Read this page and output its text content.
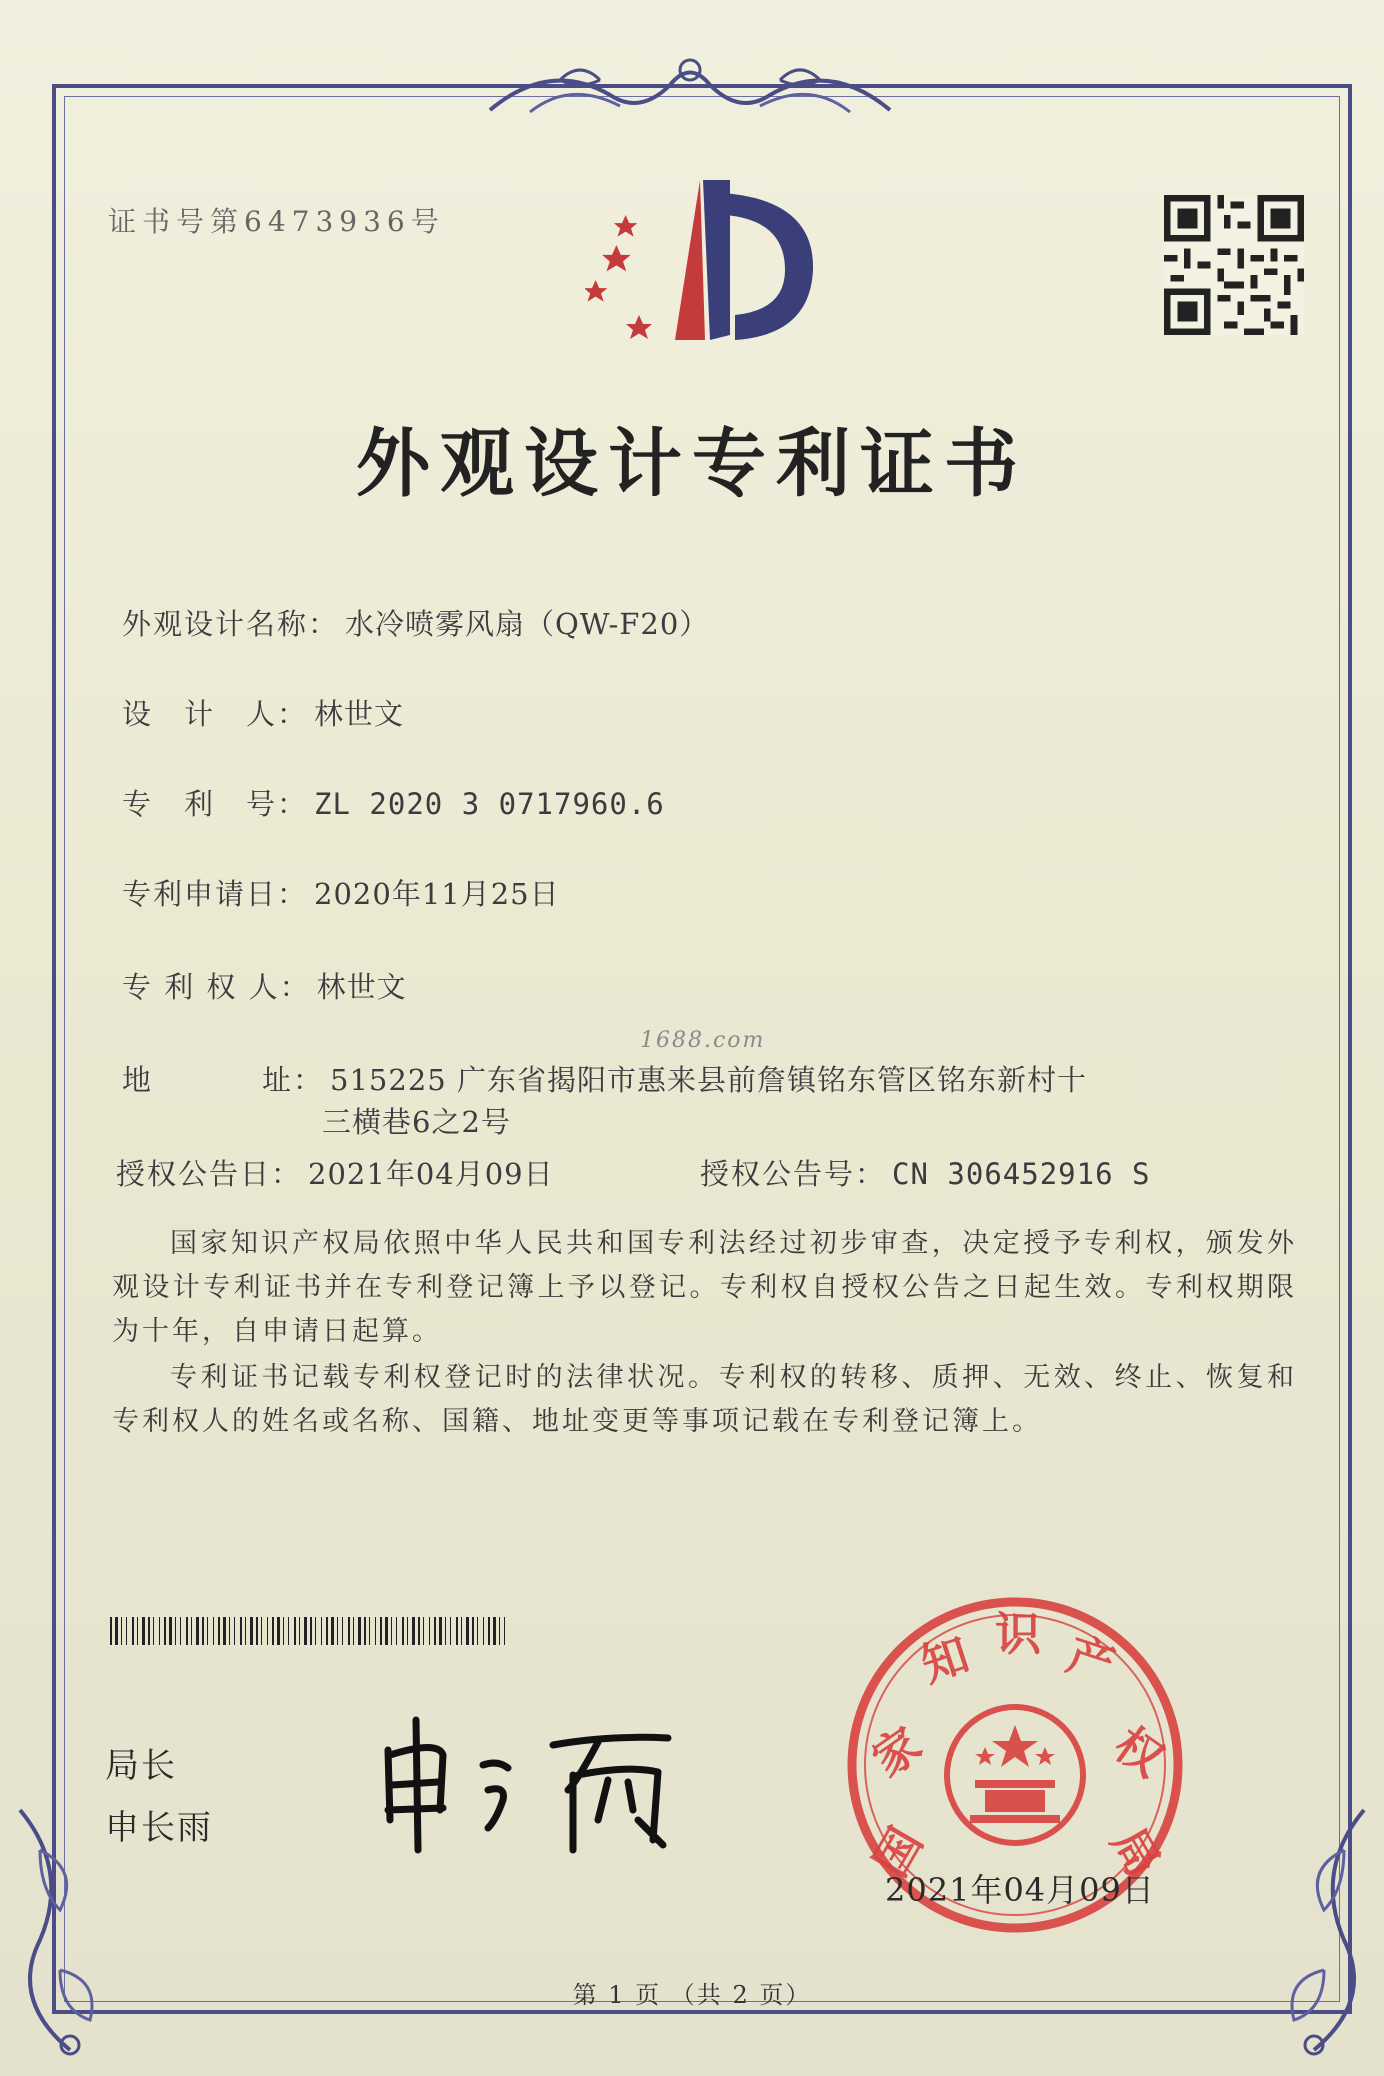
证书号第6473936号
外观设计专利证书
外观设计名称： 水冷喷雾风扇（QW-F20）
设　计　人： 林世文
专　利　号： ZL 2020 3 0717960.6
专利申请日： 2020年11月25日
专 利 权 人： 林世文
1688.com
地	址： 515225 广东省揭阳市惠来县前詹镇铭东管区铭东新村十
三横巷6之2号
授权公告日： 2021年04月09日	授权公告号： CN 306452916 S
国家知识产权局依照中华人民共和国专利法经过初步审查，决定授予专利权，颁发外观设计专利证书并在专利登记簿上予以登记。专利权自授权公告之日起生效。专利权期限为十年，自申请日起算。
专利证书记载专利权登记时的法律状况。专利权的转移、质押、无效、终止、恢复和专利权人的姓名或名称、国籍、地址变更等事项记载在专利登记簿上。
局长
申长雨	国
家
知 识 产
权
局
2021年04月09日
第 1 页 （共 2 页）
